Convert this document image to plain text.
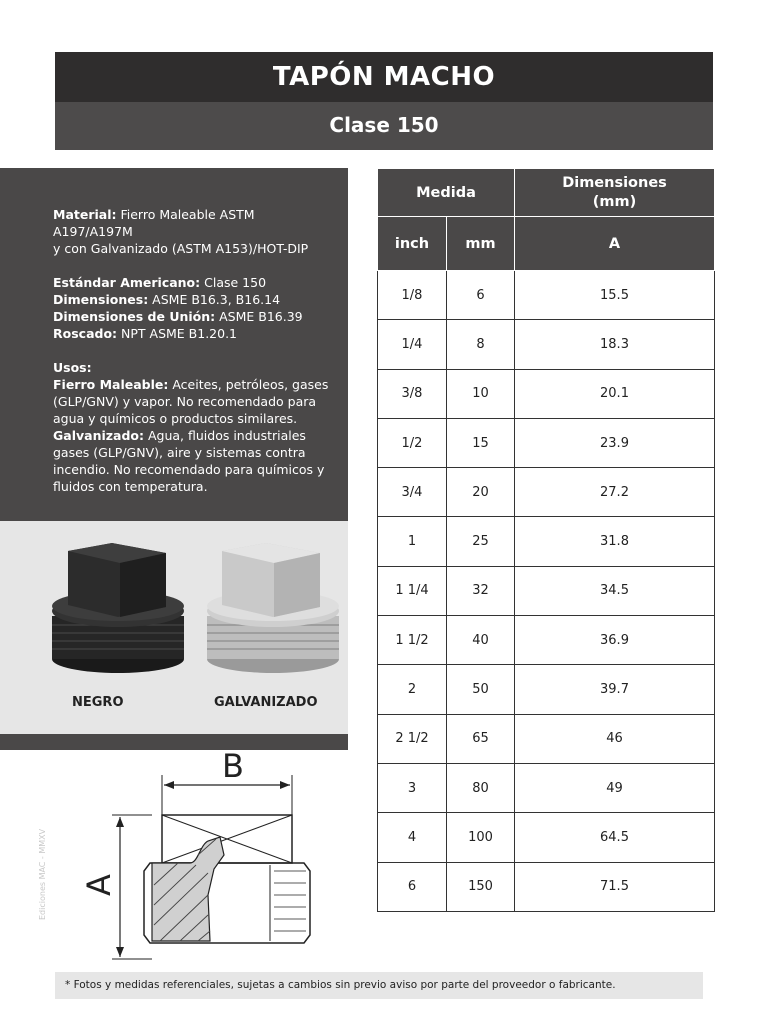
TAPÓN MACHO
Clase 150

Material: Fierro Maleable ASTM A197/A197M
y con Galvanizado (ASTM A153)/HOT-DIP

Estándar Americano: Clase 150
Dimensiones: ASME B16.3, B16.14
Dimensiones de Unión: ASME B16.39
Roscado: NPT ASME B1.20.1

Usos:
Fierro Maleable: Aceites, petróleos, gases (GLP/GNV) y vapor. No recomendado para agua y químicos o productos similares.
Galvanizado: Agua, fluidos industriales gases (GLP/GNV), aire y sistemas contra incendio. No recomendado para químicos y fluidos con temperatura.
NEGRO	GALVANIZADO
Medida		Dimensiones (mm)
inch	mm	A
1/8	6	15.5
1/4	8	18.3
3/8	10	20.1
1/2	15	23.9
3/4	20	27.2
1	25	31.8
1 1/4	32	34.5
1 1/2	40	36.9
2	50	39.7
2 1/2	65	46
3	80	49
4	100	64.5
6	150	71.5
B
A
Ediciones MAC - MMXV
* Fotos y medidas referenciales, sujetas a cambios sin previo aviso por parte del proveedor o fabricante.
